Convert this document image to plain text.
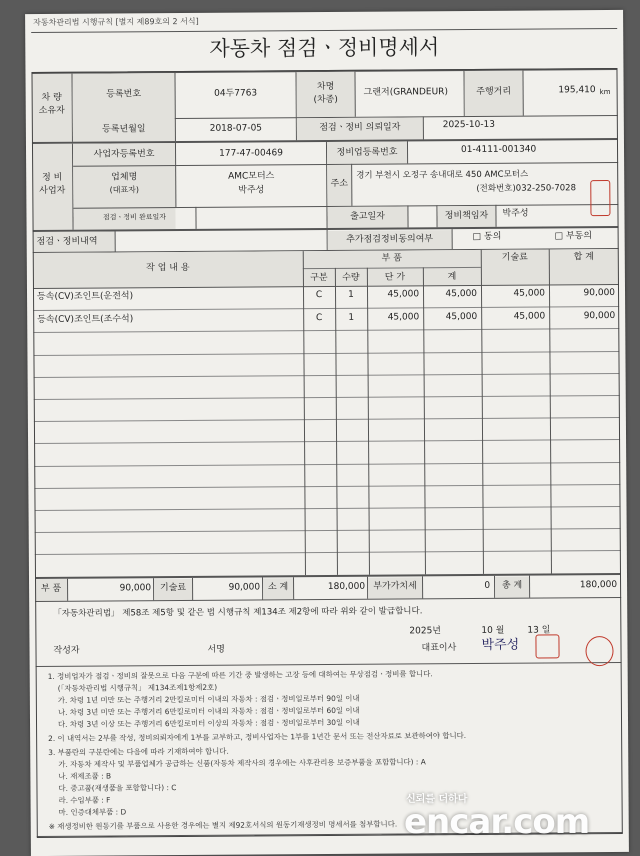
자동차관리법 시행규칙 [별지 제89호의 2 서식]
자동차 점검ㆍ정비명세서
차 량
소유자
등록번호	04두7763
차명
(차종)
그랜저(GRANDEUR)	주행거리	195,410 km
등록년월일	2018-07-05	점검ㆍ정비 의뢰일자	2025-10-13
정 비
사업자
사업자등록번호	177-47-00469	정비업등록번호	01-4111-001340
업체명
(대표자)
AMC모터스
박주성
주소
경기 부천시 오정구 송내대로 450 AMC모터스
(전화번호)032-250-7028
점검ㆍ정비 완료일자	출고일자	정비책임자	박주성
점검ㆍ정비내역	추가점검정비동의여부	□ 동의	□ 부동의
작 업 내 용
부 품
구분	수량	단 가	계
기술료	합 계
등속(CV)조인트(운전석)	C	1	45,000	45,000	45,000	90,000
등속(CV)조인트(조수석)	C	1	45,000	45,000	45,000	90,000
부 품	90,000 기술료	90,000 소 계	180,000 부가가치세	0	총 계	180,000
「자동차관리법」 제58조 제5항 및 같은 법 시행규칙 제134조 제2항에 따라 위와 같이 발급합니다.
2025년	10 월	13 일
작성자	서명	대표이사 박주성
1. 정비업자가 점검ㆍ정비의 잘못으로 다음 구분에 따른 기간 중 발생하는 고장 등에 대하여는 무상점검ㆍ정비를 합니다.
(「자동차관리법 시행규칙」 제134조제1항제2호)
가. 차령 1년 미만 또는 주행거리 2만킬로미터 이내의 자동차 : 점검ㆍ정비일로부터 90일 이내
나. 차령 3년 미만 또는 주행거리 6만킬로미터 이내의 자동차 : 점검ㆍ정비일로부터 60일 이내
다. 차령 3년 이상 또는 주행거리 6만킬로미터 이상의 자동차 : 점검ㆍ정비일로부터 30일 이내
2. 이 내역서는 2부를 작성, 정비의뢰자에게 1부를 교부하고, 정비사업자는 1부를 1년간 문서 또는 전산자료로 보관하여야 합니다.
3. 부품란의 구분란에는 다음에 따라 기재하여야 합니다.
가. 자동차 제작사 및 부품업체가 공급하는 신품(자동차 제작사의 경우에는 사후관리용 보증부품을 포함합니다) : A
나. 재제조품 : B
다. 중고품(재생품을 포함합니다) : C
라. 수입부품 : F
마. 인증대체부품 : D
※ 재생정비한 원동기를 부품으로 사용한 경우에는 별지 제92호서식의 원동기재생정비 명세서를 첨부합니다.
신뢰를 더하다
encar.com
